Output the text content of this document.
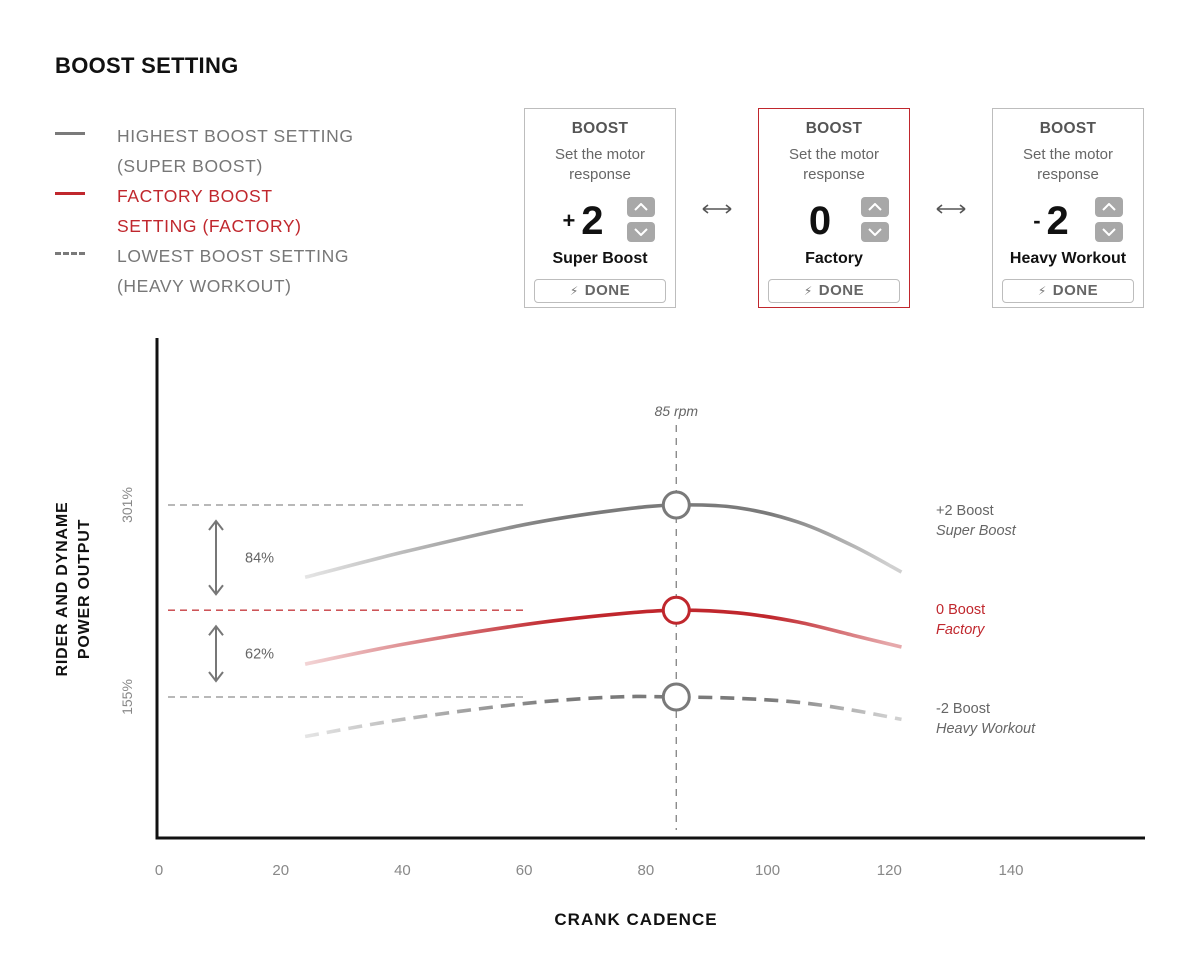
BOOST SETTING
HIGHEST BOOST SETTING
(SUPER BOOST)
FACTORY BOOST
SETTING (FACTORY)
LOWEST BOOST SETTING
(HEAVY WORKOUT)
BOOST
Set the motor response
+ 2
Super Boost
⚡ DONE
BOOST
Set the motor response
0
Factory
⚡ DONE
BOOST
Set the motor response
- 2
Heavy Workout
⚡ DONE
85 rpm
84%
62%
+2 Boost
Super Boost
0 Boost
Factory
-2 Boost
Heavy Workout
0	20	40	60	80	100	120	140
CRANK CADENCE
301%
155%
RIDER AND DYNAME POWER OUTPUT
